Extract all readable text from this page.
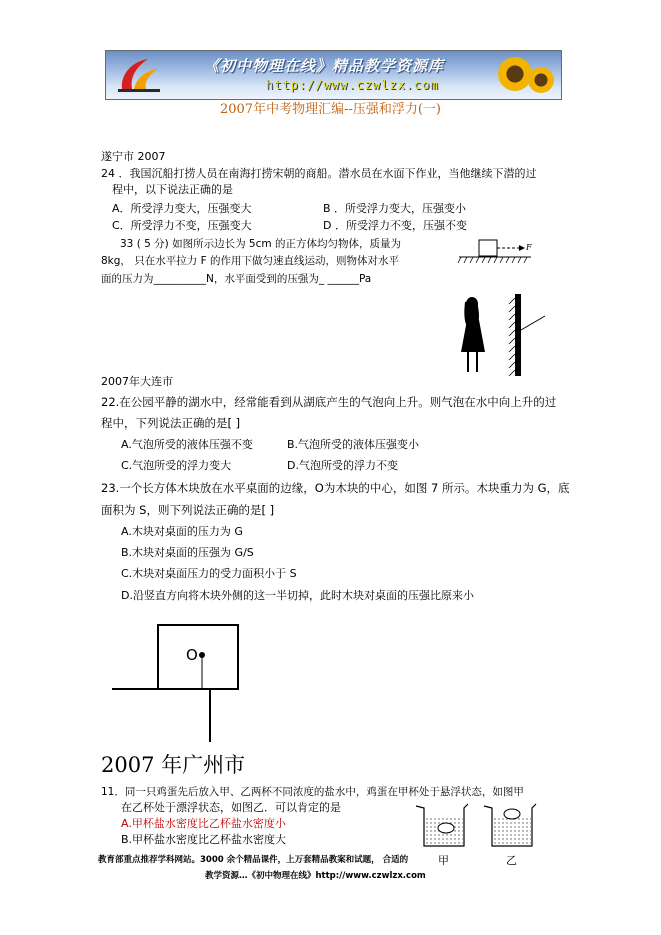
《初中物理在线》精品教学资源库
http://www.czwlzx.com
2007年中考物理汇编--压强和浮力(一)
遂宁市 2007
24 ．我国沉船打捞人员在南海打捞宋朝的商船。潜水员在水面下作业，当他继续下潜的过
程中，以下说法正确的是
A．所受浮力变大，压强变大	B ．所受浮力变大，压强变小
C．所受浮力不变，压强变大	D ．所受浮力不变，压强不变
33 ( 5 分) 如图所示边长为 5cm 的正方体均匀物体，质量为
8kg， 只在水平拉力 F 的作用下做匀速直线运动，则物体对水平
面的压力为__________N，水平面受到的压强为_ ______Pa
F
2007年大连市
22.在公园平静的湖水中，经常能看到从湖底产生的气泡向上升。则气泡在水中向上升的过
程中，下列说法正确的是[ ]
A.气泡所受的液体压强不变	B.气泡所受的液体压强变小
C.气泡所受的浮力变大	D.气泡所受的浮力不变
23.一个长方体木块放在水平桌面的边缘，O为木块的中心，如图 7 所示。木块重力为 G，底
面积为 S，则下列说法正确的是[ ]
A.木块对桌面的压力为 G
B.木块对桌面的压强为 G/S
C.木块对桌面压力的受力面积小于 S
D.沿竖直方向将木块外侧的这一半切掉，此时木块对桌面的压强比原来小
O
2007 年广州市
11．同一只鸡蛋先后放入甲、乙两杯不同浓度的盐水中，鸡蛋在甲杯处于悬浮状态，如图甲
在乙杯处于漂浮状态，如图乙．可以肯定的是
A.甲杯盐水密度比乙杯盐水密度小
B.甲杯盐水密度比乙杯盐水密度大
甲	乙
教育部重点推荐学科网站。3000 余个精品课件，上万套精品教案和试题， 合适的
教学资源…《初中物理在线》http://www.czwlzx.com
